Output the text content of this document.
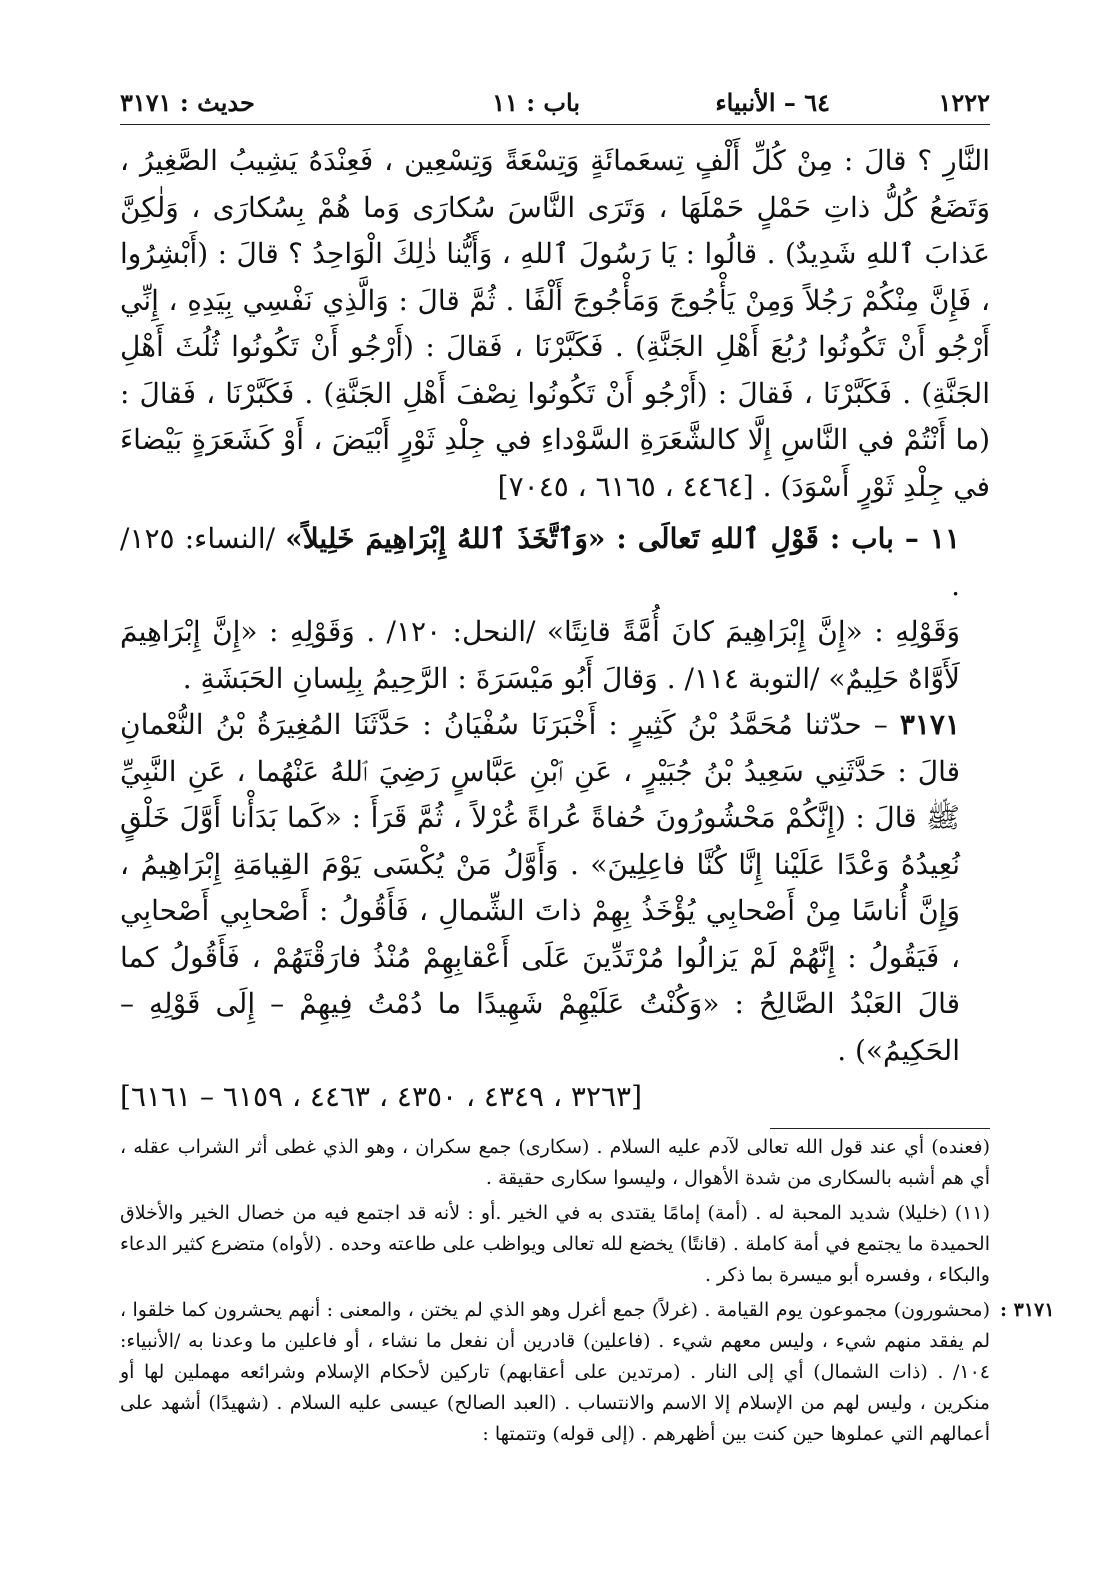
١٢٢٢
٦٤ – الأنبياء
باب : ١١
حديث : ٣١٧١

النَّارِ ؟ قالَ : مِنْ كُلِّ أَلْفٍ تِسعَمائَةٍ وَتِسْعَةً وَتِسْعِين ، فَعِنْدَهُ يَشِيبُ الصَّغِيرُ ، وَتَضَعُ كُلُّ ذاتِ حَمْلٍ حَمْلَهَا ، وَتَرَى النَّاسَ سُكارَى وَما هُمْ بِسُكارَى ، وَلٰكِنَّ عَذابَ ٱللهِ شَدِيدٌ) . قالُوا : يَا رَسُولَ ٱللهِ ، وَأَيُّنا ذٰلِكَ الْوَاحِدُ ؟ قالَ : (أَبْشِرُوا ، فَإِنَّ مِنْكُمْ رَجُلاً وَمِنْ يَأْجُوجَ وَمَأْجُوجَ أَلْفًا . ثُمَّ قالَ : وَالَّذِي نَفْسِي بِيَدِهِ ، إِنِّي أَرْجُو أَنْ تَكُونُوا رُبُعَ أَهْلِ الجَنَّةِ) . فَكَبَّرْنَا ، فَقالَ : (أَرْجُو أَنْ تَكُونُوا ثُلُثَ أَهْلِ الجَنَّةِ) . فَكَبَّرْنَا ، فَقالَ : (أَرْجُو أَنْ تَكُونُوا نِصْفَ أَهْلِ الجَنَّةِ) . فَكَبَّرْنَا ، فَقالَ : (ما أَنْتُمْ في النَّاسِ إِلَّا كالشَّعَرَةِ السَّوْداءِ في جِلْدِ ثَوْرٍ أَبْيَضَ ، أَوْ كَشَعَرَةٍ بَيْضاءَ في جِلْدِ ثَوْرٍ أَسْوَدَ) . [٤٤٦٤ ، ٦١٦٥ ، ٧٠٤٥]

١١ – باب : قَوْلِ ٱللهِ تَعالَى : «وَٱتَّخَذَ ٱللهُ إِبْرَاهِيمَ خَلِيلاً» /النساء: ١٢٥/ .

وَقَوْلِهِ : «إِنَّ إِبْرَاهِيمَ كانَ أُمَّةً قانِتًا» /النحل: ١٢٠/ . وَقَوْلِهِ : «إِنَّ إِبْرَاهِيمَ لَأَوَّاهٌ حَلِيمٌ» /التوبة ١١٤/ . وَقالَ أَبُو مَيْسَرَةَ : الرَّحِيمُ بِلِسانِ الحَبَشَةِ .

٣١٧١ – حدّثنا مُحَمَّدُ بْنُ كَثِيرٍ : أَخْبَرَنَا سُفْيَانُ : حَدَّثَنَا المُغِيرَةُ بْنُ النُّعْمانِ قالَ : حَدَّثَنِي سَعِيدُ بْنُ جُبَيْرٍ ، عَنِ ٱبْنِ عَبَّاسٍ رَضِيَ ٱللهُ عَنْهُما ، عَنِ النَّبِيِّ ﷺ قالَ : (إِنَّكُمْ مَحْشُورُونَ حُفاةً عُراةً غُرْلاً ، ثُمَّ قَرَأَ : «كَما بَدَأْنا أَوَّلَ خَلْقٍ نُعِيدُهُ وَعْدًا عَلَيْنا إِنَّا كُنَّا فاعِلِينَ» . وَأَوَّلُ مَنْ يُكْسَى يَوْمَ القِيامَةِ إِبْرَاهِيمُ ، وَإِنَّ أُناسًا مِنْ أَصْحابِي يُؤْخَذُ بِهِمْ ذاتَ الشِّمالِ ، فَأَقُولُ : أَصْحابِي أَصْحابِي ، فَيَقُولُ : إِنَّهُمْ لَمْ يَزالُوا مُرْتَدِّينَ عَلَى أَعْقابِهِمْ مُنْذُ فارَقْتَهُمْ ، فَأَقُولُ كما قالَ العَبْدُ الصَّالِحُ : «وَكُنْتُ عَلَيْهِمْ شَهِيدًا ما دُمْتُ فِيهِمْ – إِلَى قَوْلِهِ – الحَكِيمُ») .

[٣٢٦٣ ، ٤٣٤٩ ، ٤٣٥٠ ، ٤٤٦٣ ، ٦١٥٩ – ٦١٦١]

(فعنده) أي عند قول الله تعالى لآدم عليه السلام . (سكارى) جمع سكران ، وهو الذي غطى أثر الشراب عقله ، أي هم أشبه بالسكارى من شدة الأهوال ، وليسوا سكارى حقيقة .

(١١) (خليلا) شديد المحبة له . (أمة) إمامًا يقتدى به في الخير .أو : لأنه قد اجتمع فيه من خصال الخير والأخلاق الحميدة ما يجتمع في أمة كاملة . (قانتًا) يخضع لله تعالى ويواظب على طاعته وحده . (لأواه) متضرع كثير الدعاء والبكاء ، وفسره أبو ميسرة بما ذكر .

٣١٧١ :
(محشورون) مجموعون يوم القيامة . (غرلاً) جمع أغرل وهو الذي لم يختن ، والمعنى : أنهم يحشرون كما خلقوا ، لم يفقد منهم شيء ، وليس معهم شيء . (فاعلين) قادرين أن نفعل ما نشاء ، أو فاعلين ما وعدنا به /الأنبياء: ١٠٤/ . (ذات الشمال) أي إلى النار . (مرتدين على أعقابهم) تاركين لأحكام الإسلام وشرائعه مهملين لها أو منكرين ، وليس لهم من الإسلام إلا الاسم والانتساب . (العبد الصالح) عيسى عليه السلام . (شهيدًا) أشهد على أعمالهم التي عملوها حين كنت بين أظهرهم . (إلى قوله) وتتمتها :
